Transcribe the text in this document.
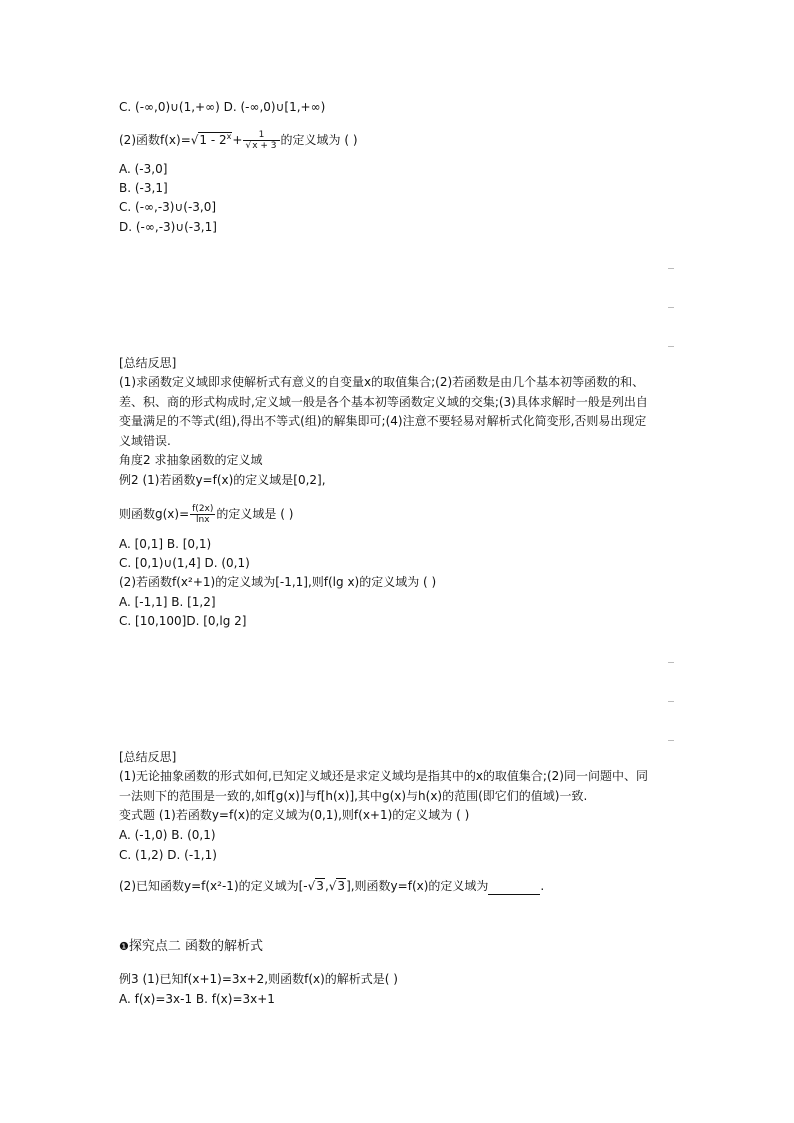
C. (-∞,0)∪(1,+∞) D. (-∞,0)∪[1,+∞)
(2)函数$f(x)=√1 - 2^x+ \frac{1}{√x + 3}$ 的定义域为 ( )
A. (-3,0]
B. (-3,1]
C. (-∞,-3)∪(-3,0]
D. (-∞,-3)∪(-3,1]
[总结反思]
(1)求函数定义域即求使解析式有意义的自变量x的取值集合;(2)若函数是由几个基本初等函数的和、
差、积、商的形式构成时,定义域一般是各个基本初等函数定义域的交集;(3)具体求解时一般是列出自
变量满足的不等式(组),得出不等式(组)的解集即可;(4)注意不要轻易对解析式化简变形,否则易出现定
义域错误.
角度2 求抽象函数的定义域
例2 (1)若函数y=f(x)的定义域是[0,2],
则函数$g(x)= \frac{f(2x)}{\ln x}$ 的定义域是 ( )
A. [0,1] B. [0,1)
C. [0,1)∪(1,4] D. (0,1)
(2)若函数f(x²+1)的定义域为[-1,1],则f(lg x)的定义域为 ( )
A. [-1,1] B. [1,2]
C. [10,100]D. [0,lg 2]
[总结反思]
(1)无论抽象函数的形式如何,已知定义域还是求定义域均是指其中的x的取值集合;(2)同一问题中、同
一法则下的范围是一致的,如f[g(x)]与f[h(x)],其中g(x)与h(x)的范围(即它们的值域)一致.
变式题 (1)若函数y=f(x)的定义域为(0,1),则f(x+1)的定义域为 ( )
A. (-1,0) B. (0,1)
C. (1,2) D. (-1,1)
(2)已知函数y=f(x²-1)的定义域为[-√3,√3],则函数y=f(x)的定义域为	.
❶探究点二 函数的解析式
例3 (1)已知f(x+1)=3x+2,则函数f(x)的解析式是( )
A. f(x)=3x-1 B. f(x)=3x+1
